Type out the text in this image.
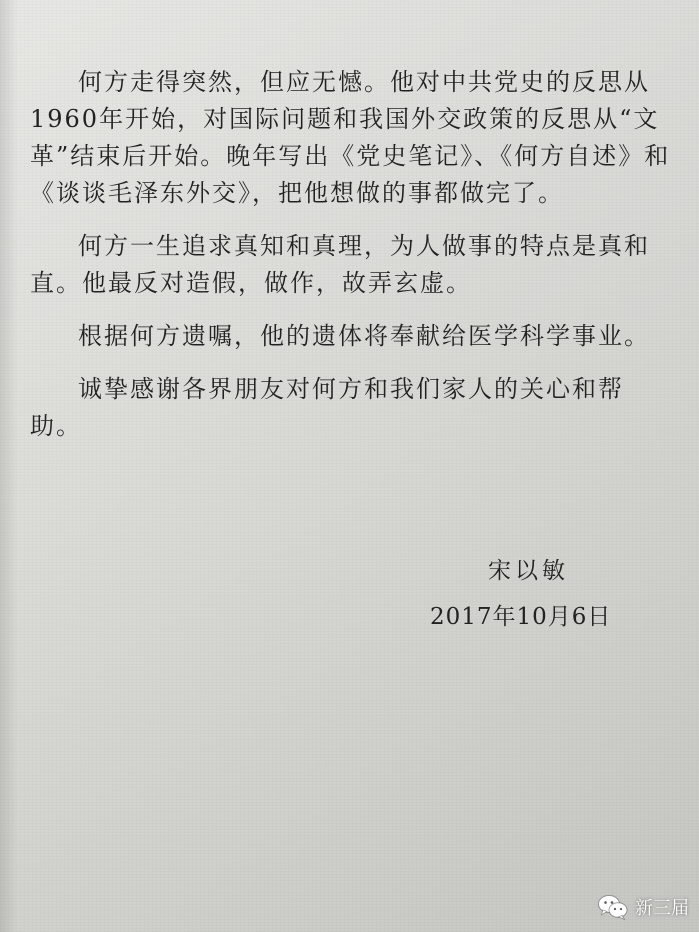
何方走得突然，但应无憾。他对中共党史的反思从1960年开始，对国际问题和我国外交政策的反思从“文革”结束后开始。晚年写出《党史笔记》、《何方自述》和《谈谈毛泽东外交》，把他想做的事都做完了。

何方一生追求真知和真理，为人做事的特点是真和直。他最反对造假，做作，故弄玄虚。

根据何方遗嘱，他的遗体将奉献给医学科学事业。

诚挚感谢各界朋友对何方和我们家人的关心和帮助。

宋以敏
2017年10月6日
新三届
